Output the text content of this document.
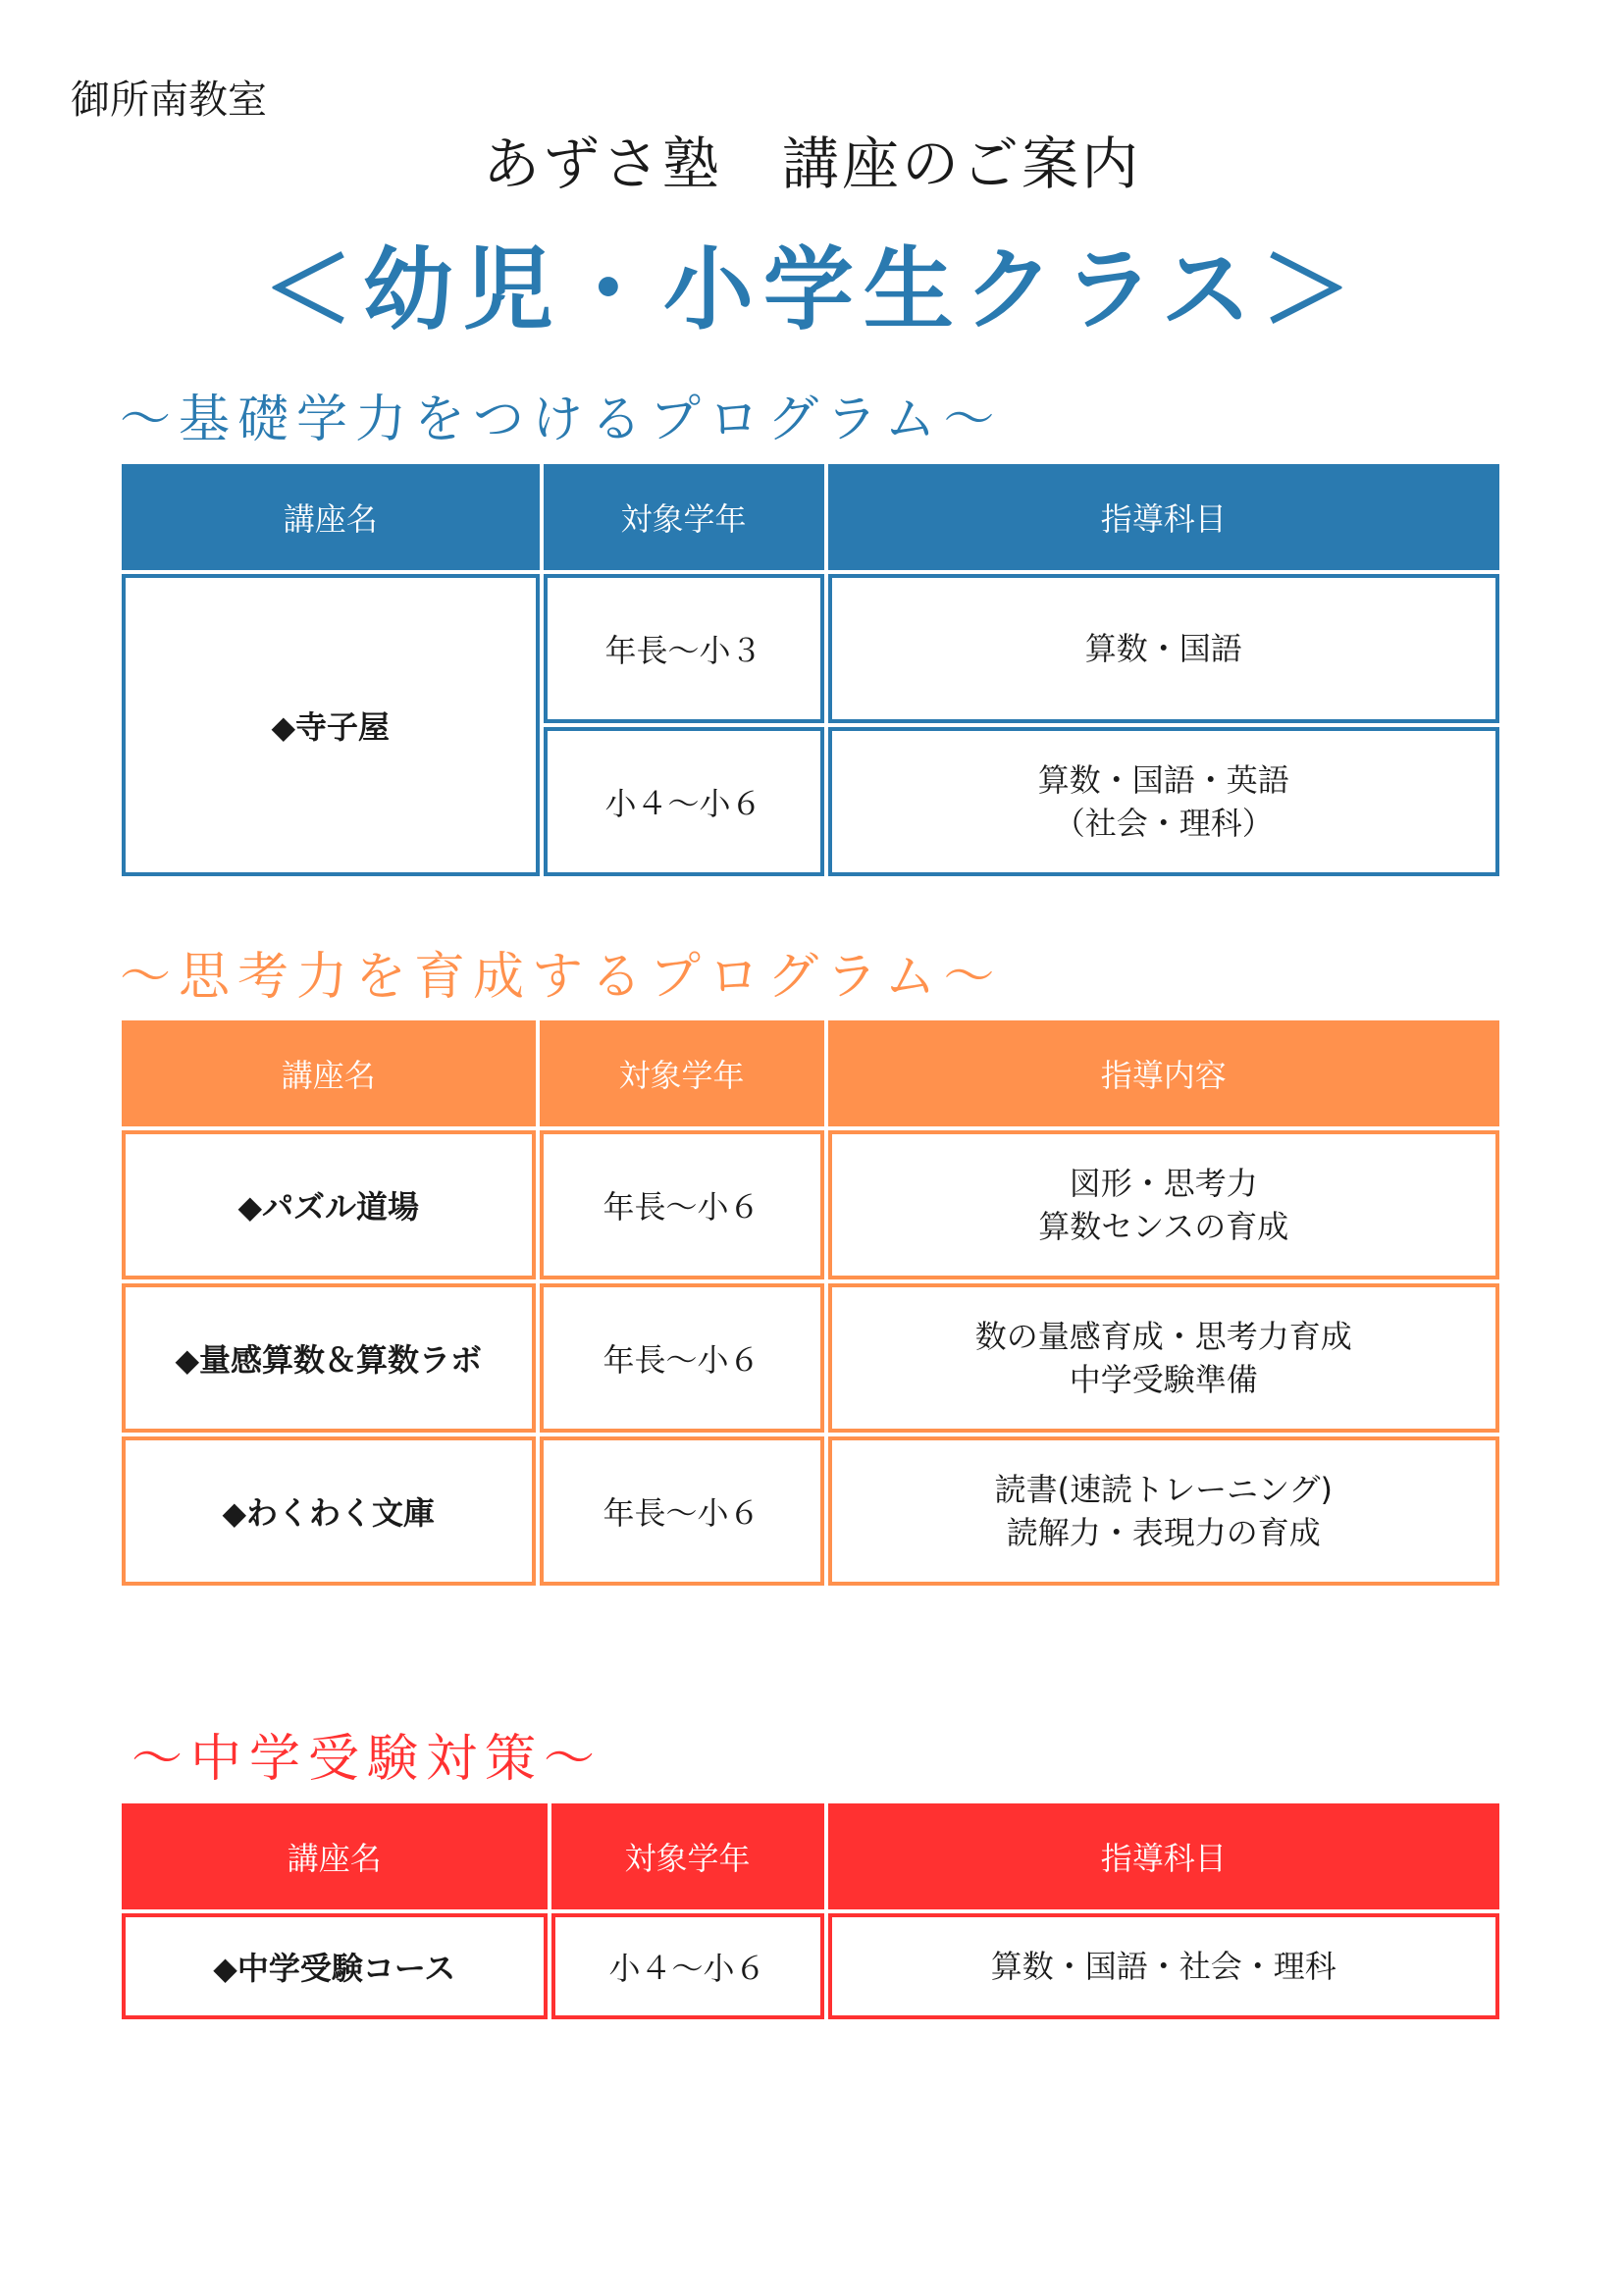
御所南教室
あずさ塾　講座のご案内
＜幼児・小学生クラス＞
～基礎学力をつけるプログラム～
講座名	対象学年	指導科目
◆寺子屋	年長～小３	算数・国語

	小４～小６	算数・国語・英語
（社会・理科）
～思考力を育成するプログラム～
講座名	対象学年	指導内容
◆パズル道場	年長～小６	図形・思考力
算数センスの育成

◆量感算数＆算数ラボ	年長～小６	数の量感育成・思考力育成
中学受験準備

◆わくわく文庫	年長～小６	読書(速読トレーニング)
読解力・表現力の育成
～中学受験対策～
講座名	対象学年	指導科目
◆中学受験コース	小４～小６	算数・国語・社会・理科
